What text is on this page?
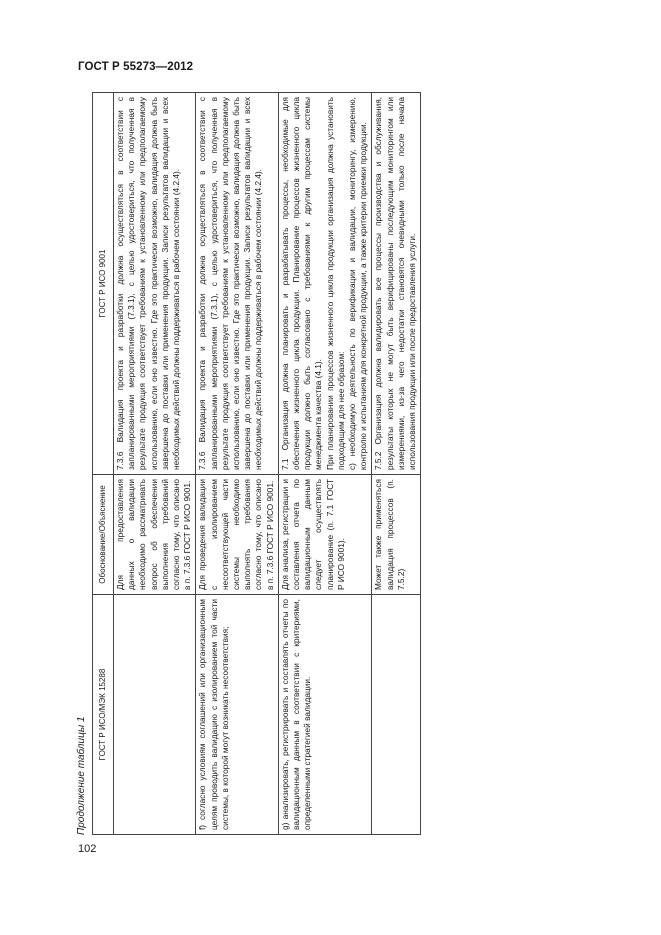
ГОСТ Р 55273—2012
102
Продолжение таблицы 1
ГОСТ Р ИСО/МЭК 15288	Обоснование/Объяснение	ГОСТ Р ИСО 9001

	Для предоставления данных о валидации необходимо рассматривать вопрос об обеспечении выполнения требований согласно тому, что описано в п. 7.3.6 ГОСТ Р ИСО 9001.	7.3.6 Валидация проекта и разработки должна осуществляться в соответствии с запланированными мероприятиями (7.3.1), с целью удостовериться, что полученная в результате продукция соответствует требованиям к установленному или предполагаемому использованию, если оно известно. Где это практически возможно, валидация должна быть завершена до поставки или применения продукции. Записи результатов валидации и всех необходимых действий должны поддерживаться в рабочем состоянии (4.2.4).

f) согласно условиям соглашений или организационным целям проводить валидацию с изолированием той части системы, в которой могут возникать несоответствия;	Для проведения валидации с изолированием несоответствующей части системы необходимо выполнять требования согласно тому, что описано в п. 7.3.6 ГОСТ Р ИСО 9001.	7.3.6 Валидация проекта и разработки должна осуществляться в соответствии с запланированными мероприятиями (7.3.1), с целью удостовериться, что полученная в результате продукция соответствует требованиям к установленному или предполагаемому использованию, если оно известно. Где это практически возможно, валидация должна быть завершена до поставки или применения продукции. Записи результатов валидации и всех необходимых действий должны поддерживаться в рабочем состоянии (4.2.4).

g) анализировать, регистрировать и составлять отчеты по валидационным данным в соответствии с критериями, определенными стратегией валидации.	Для анализа, регистрации и составления отчета по валидационным данным следует осуществлять планирование (п. 7.1 ГОСТ Р ИСО 9001).	7.1 Организация должна планировать и разрабатывать процессы, необходимые для обеспечения жизненного цикла продукции. Планирование процессов жизненного цикла продукции должно быть согласовано с требованиями к другим процессам системы менеджмента качества (4.1). При планировании процессов жизненного цикла продукции организация должна установить подходящим для нее образом: c) необходимую деятельность по верификации и валидации, мониторингу, измерению, контролю и испытаниям для конкретной продукции, а также критерии приемки продукции.

	Может также применяться валидация процессов (п. 7.5.2)	7.5.2 Организация должна валидировать все процессы производства и обслуживания, результаты которых не могут быть верифицированы последующим мониторингом или измерениями, из-за чего недостатки становятся очевидными только после начала использования продукции или после предоставления услуги.
